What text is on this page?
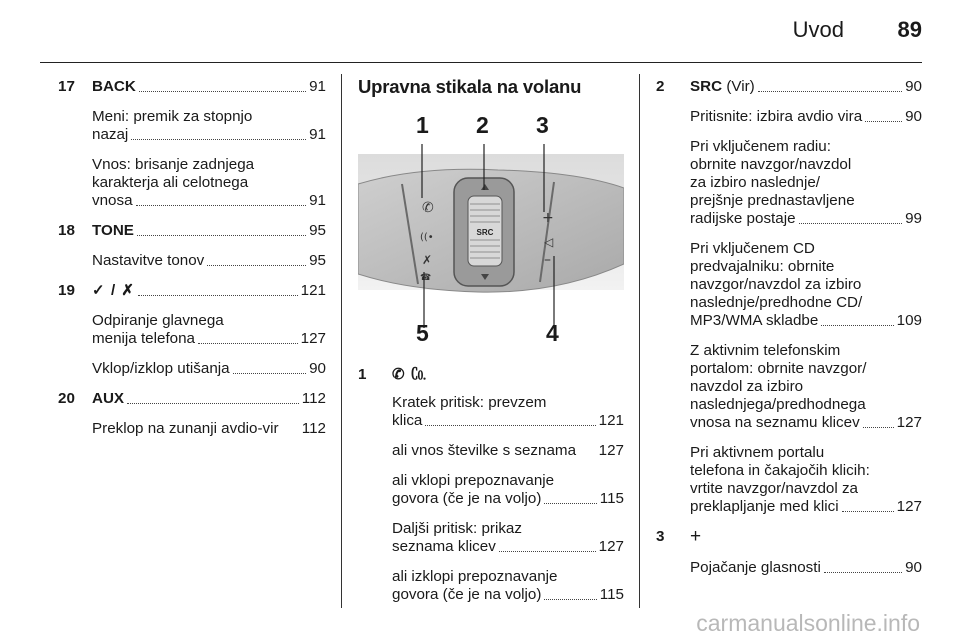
Uvod 89
17 BACK	91
Meni: premik za stopnjo
nazaj	91
Vnos: brisanje zadnjega
karakterja ali celotnega
vnosa	91
18 TONE	95
Nastavitve tonov	95
19 ✓ / ✗	121
Odpiranje glavnega
menija telefona	127
Vklop/izklop utišanja	90
20 AUX	112
Preklop na zunanji avdio-vir 112
Upravna stikala na volanu
SRC
✆
((•
✗
☎
+
◁
–
1 2 3
4
5
1 ✆ ㏇
Kratek pritisk: prevzem
klica	121
ali vnos številke s seznama 127
ali vklopi prepoznavanje
govora (če je na voljo)	115
Daljši pritisk: prikaz
seznama klicev	127
ali izklopi prepoznavanje
govora (če je na voljo)	115
2 SRC (Vir)	90
Pritisnite: izbira avdio vira	90
Pri vključenem radiu:
obrnite navzgor/navzdol
za izbiro naslednje/
prejšnje prednastavljene
radijske postaje	99
Pri vključenem CD
predvajalniku: obrnite
navzgor/navzdol za izbiro
naslednje/predhodne CD/
MP3/WMA skladbe	109
Z aktivnim telefonskim
portalom: obrnite navzgor/
navzdol za izbiro
naslednjega/predhodnega
vnosa na seznamu klicev 127
Pri aktivnem portalu
telefona in čakajočih klicih:
vrtite navzgor/navzdol za
preklapljanje med klici	127
3 +
Pojačanje glasnosti	90
carmanualsonline.info
